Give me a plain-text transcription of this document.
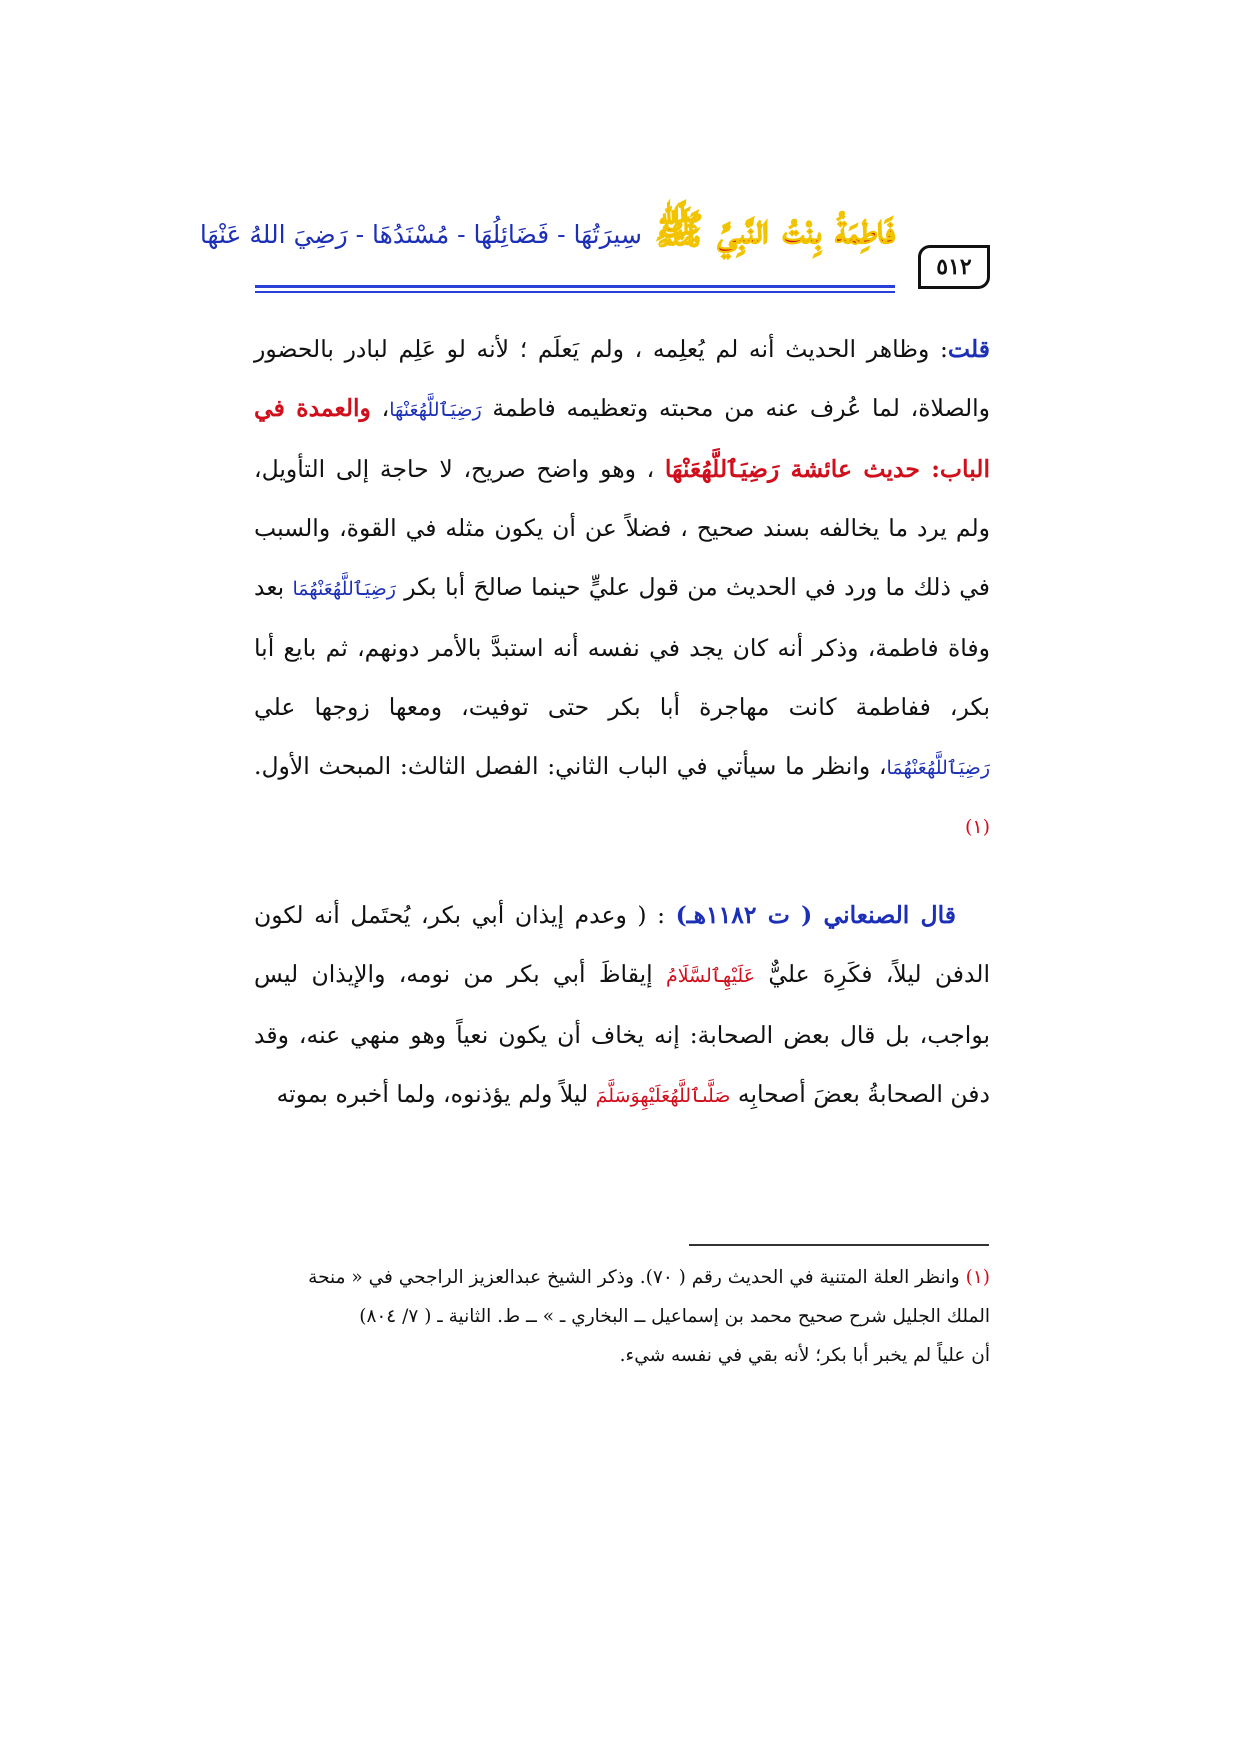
٥١٢
فَاطِمَةُ بِنْتُ النَّبِيِّ ﷺ سِيرَتُهَا - فَضَائِلُهَا - مُسْنَدُهَا - رَضِيَ اللهُ عَنْهَا

قلت: وظاهر الحديث أنه لم يُعلِمه ، ولم يَعلَم ؛ لأنه لو عَلِم لبادر بالحضور والصلاة، لما عُرف عنه من محبته وتعظيمه فاطمة رَضِيَٱللَّهُعَنْهَا، والعمدة في الباب: حديث عائشة رَضِيَٱللَّهُعَنْهَا ، وهو واضح صريح، لا حاجة إلى التأويل، ولم يرد ما يخالفه بسند صحيح ، فضلاً عن أن يكون مثله في القوة، والسبب في ذلك ما ورد في الحديث من قول عليٍّ حينما صالحَ أبا بكر رَضِيَٱللَّهُعَنْهُمَا بعد وفاة فاطمة، وذكر أنه كان يجد في نفسه أنه استبدَّ بالأمر دونهم، ثم بايع أبا بكر، ففاطمة كانت مهاجرة أبا بكر حتى توفيت، ومعها زوجها علي رَضِيَٱللَّهُعَنْهُمَا، وانظر ما سيأتي في الباب الثاني: الفصل الثالث: المبحث الأول. $^{(١)}$

قال الصنعاني ( ت ١١٨٢هـ) : ( وعدم إيذان أبي بكر، يُحتَمل أنه لكون الدفن ليلاً، فكَرِهَ عليٌّ عَلَيْهِٱلسَّلَامُ إيقاظَ أبي بكر من نومه، والإيذان ليس بواجب، بل قال بعض الصحابة: إنه يخاف أن يكون نعياً وهو منهي عنه، وقد دفن الصحابةُ بعضَ أصحابِه صَلَّىٱللَّهُعَلَيْهِوَسَلَّمَ ليلاً ولم يؤذنوه، ولما أخبره بموته

(١) وانظر العلة المتنية في الحديث رقم ( ٧٠). وذكر الشيخ عبدالعزيز الراجحي في « منحة
الملك الجليل شرح صحيح محمد بن إسماعيل ــ البخاري ـ » ــ ط. الثانية ـ ( ٧/ ٨٠٤)
أن علياً لم يخبر أبا بكر؛ لأنه بقي في نفسه شيء.
